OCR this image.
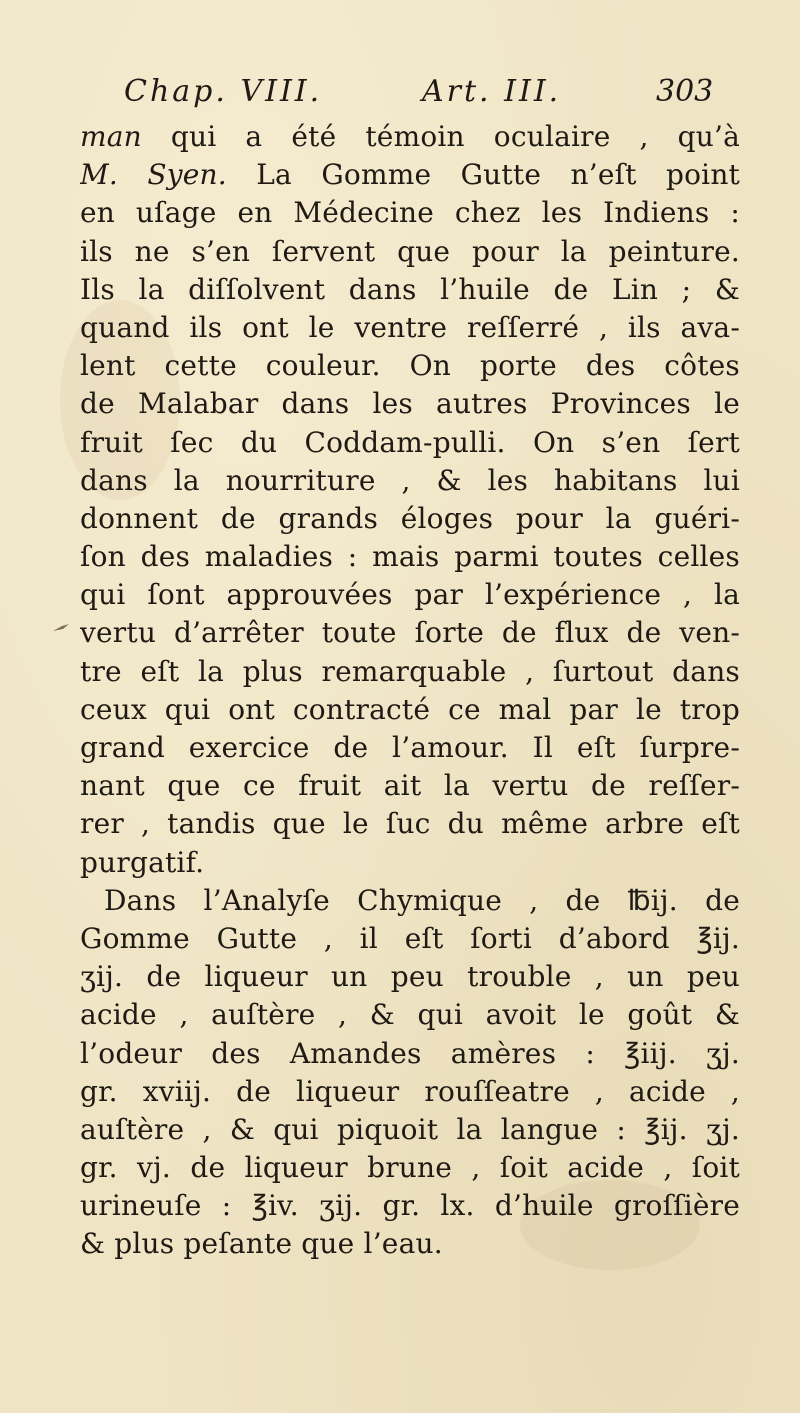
Chap. VIII.	Art. III.	303
man qui a été témoin oculaire , qu’à
M. Syen. La Gomme Gutte n’eſt point
en uſage en Médecine chez les Indiens :
ils ne s’en ſervent que pour la peinture.
Ils la diſſolvent dans l’huile de Lin ; &
quand ils ont le ventre reſſerré , ils ava-
lent cette couleur. On porte des côtes
de Malabar dans les autres Provinces le
fruit ſec du Coddam-pulli. On s’en ſert
dans la nourriture , & les habitans lui
donnent de grands éloges pour la guéri-
ſon des maladies : mais parmi toutes celles
qui ſont approuvées par l’expérience , la
vertu d’arrêter toute ſorte de flux de ven-
tre eſt la plus remarquable , ſurtout dans
ceux qui ont contracté ce mal par le trop
grand exercice de l’amour. Il eſt ſurpre-
nant que ce fruit ait la vertu de reſſer-
rer , tandis que le ſuc du même arbre eſt
purgatif.
Dans l’Analyſe Chymique , de ℔ij. de
Gomme Gutte , il eſt ſorti d’abord ℥ij.
ʒij. de liqueur un peu trouble , un peu
acide , auſtère , & qui avoit le goût &
l’odeur des Amandes amères : ℥iij. ʒj.
gr. xviij. de liqueur rouſſeatre , acide ,
auſtère , & qui piquoit la langue : ℥ij. ʒj.
gr. vj. de liqueur brune , ſoit acide , ſoit
urineuſe : ℥iv. ʒij. gr. lx. d’huile groſſière
& plus peſante que l’eau.
